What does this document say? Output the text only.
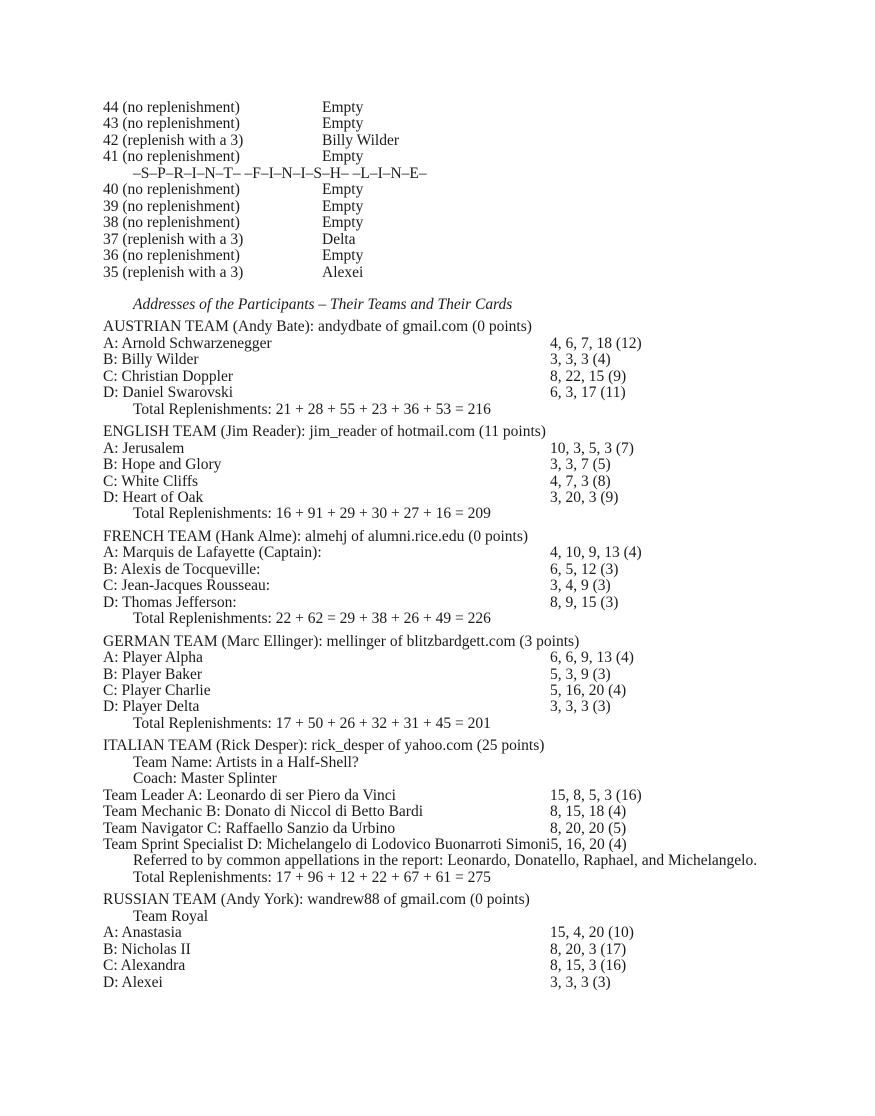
44 (no replenishment)	Empty
43 (no replenishment)	Empty
42 (replenish with a 3)	Billy Wilder
41 (no replenishment)	Empty
–S–P–R–I–N–T– –F–I–N–I–S–H– –L–I–N–E–
40 (no replenishment)	Empty
39 (no replenishment)	Empty
38 (no replenishment)	Empty
37 (replenish with a 3)	Delta
36 (no replenishment)	Empty
35 (replenish with a 3)	Alexei
Addresses of the Participants – Their Teams and Their Cards
AUSTRIAN TEAM (Andy Bate): andydbate of gmail.com (0 points)
A: Arnold Schwarzenegger	4, 6, 7, 18 (12)
B: Billy Wilder	3, 3, 3 (4)
C: Christian Doppler	8, 22, 15 (9)
D: Daniel Swarovski	6, 3, 17 (11)
Total Replenishments: 21 + 28 + 55 + 23 + 36 + 53 = 216
ENGLISH TEAM (Jim Reader): jim_reader of hotmail.com (11 points)
A: Jerusalem	10, 3, 5, 3 (7)
B: Hope and Glory	3, 3, 7 (5)
C: White Cliffs	4, 7, 3 (8)
D: Heart of Oak	3, 20, 3 (9)
Total Replenishments: 16 + 91 + 29 + 30 + 27 + 16 = 209
FRENCH TEAM (Hank Alme): almehj of alumni.rice.edu (0 points)
A: Marquis de Lafayette (Captain):	4, 10, 9, 13 (4)
B: Alexis de Tocqueville:	6, 5, 12 (3)
C: Jean-Jacques Rousseau:	3, 4, 9 (3)
D: Thomas Jefferson:	8, 9, 15 (3)
Total Replenishments: 22 + 62 = 29 + 38 + 26 + 49 = 226
GERMAN TEAM (Marc Ellinger): mellinger of blitzbardgett.com (3 points)
A: Player Alpha	6, 6, 9, 13 (4)
B: Player Baker	5, 3, 9 (3)
C: Player Charlie	5, 16, 20 (4)
D: Player Delta	3, 3, 3 (3)
Total Replenishments: 17 + 50 + 26 + 32 + 31 + 45 = 201
ITALIAN TEAM (Rick Desper): rick_desper of yahoo.com (25 points)
Team Name: Artists in a Half-Shell?
Coach: Master Splinter
Team Leader A: Leonardo di ser Piero da Vinci	15, 8, 5, 3 (16)
Team Mechanic B: Donato di Niccol di Betto Bardi	8, 15, 18 (4)
Team Navigator C: Raffaello Sanzio da Urbino	8, 20, 20 (5)
Team Sprint Specialist D: Michelangelo di Lodovico Buonarroti Simoni 5, 16, 20 (4)
Referred to by common appellations in the report: Leonardo, Donatello, Raphael, and Michelangelo.
Total Replenishments: 17 + 96 + 12 + 22 + 67 + 61 = 275
RUSSIAN TEAM (Andy York): wandrew88 of gmail.com (0 points)
Team Royal
A: Anastasia	15, 4, 20 (10)
B: Nicholas II	8, 20, 3 (17)
C: Alexandra	8, 15, 3 (16)
D: Alexei	3, 3, 3 (3)
